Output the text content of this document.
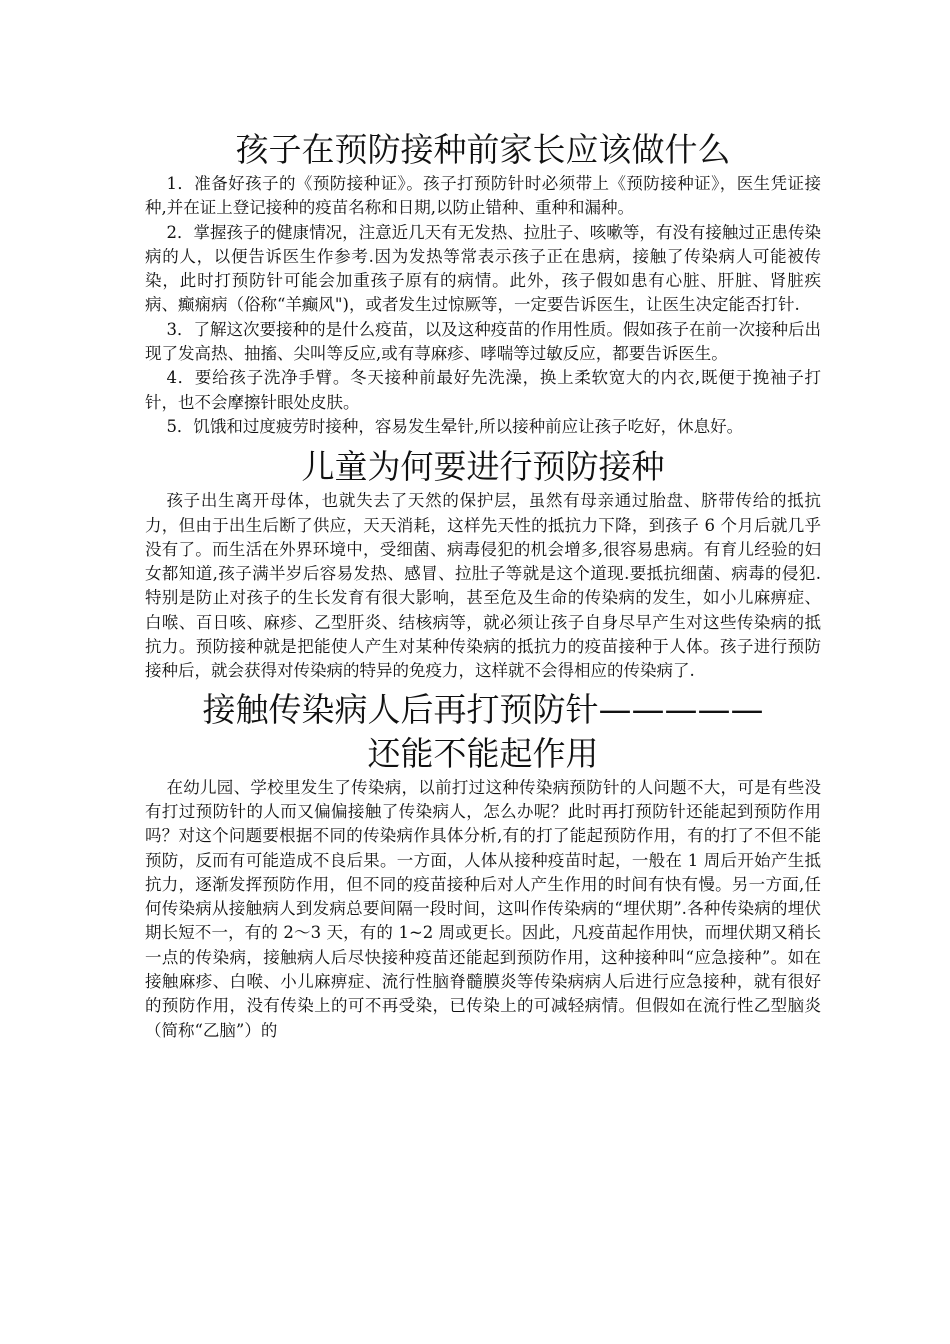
孩子在预防接种前家长应该做什么

1．准备好孩子的《预防接种证》。孩子打预防针时必须带上《预防接种证》，医生凭证接种,并在证上登记接种的疫苗名称和日期,以防止错种、重种和漏种。

2．掌握孩子的健康情况，注意近几天有无发热、拉肚子、咳嗽等，有没有接触过正患传染病的人，以便告诉医生作参考.因为发热等常表示孩子正在患病，接触了传染病人可能被传染，此时打预防针可能会加重孩子原有的病情。此外，孩子假如患有心脏、肝脏、肾脏疾病、癫痫病（俗称“羊癫风")，或者发生过惊厥等，一定要告诉医生，让医生决定能否打针.

3．了解这次要接种的是什么疫苗，以及这种疫苗的作用性质。假如孩子在前一次接种后出现了发高热、抽搐、尖叫等反应,或有荨麻疹、哮喘等过敏反应，都要告诉医生。

4．要给孩子洗净手臂。冬天接种前最好先洗澡，换上柔软宽大的内衣,既便于挽袖子打针，也不会摩擦针眼处皮肤。

5．饥饿和过度疲劳时接种，容易发生晕针,所以接种前应让孩子吃好，休息好。

儿童为何要进行预防接种

孩子出生离开母体，也就失去了天然的保护层，虽然有母亲通过胎盘、脐带传给的抵抗力，但由于出生后断了供应，天天消耗，这样先天性的抵抗力下降，到孩子 6 个月后就几乎没有了。而生活在外界环境中，受细菌、病毒侵犯的机会增多,很容易患病。有育儿经验的妇女都知道,孩子满半岁后容易发热、感冒、拉肚子等就是这个道现.要抵抗细菌、病毒的侵犯. 特别是防止对孩子的生长发育有很大影响，甚至危及生命的传染病的发生，如小儿麻痹症、白喉、百日咳、麻疹、乙型肝炎、结核病等，就必须让孩子自身尽早产生对这些传染病的抵抗力。预防接种就是把能使人产生对某种传染病的抵抗力的疫苗接种于人体。孩子进行预防接种后，就会获得对传染病的特异的免疫力，这样就不会得相应的传染病了.

接触传染病人后再打预防针—————
还能不能起作用

在幼儿园、学校里发生了传染病，以前打过这种传染病预防针的人问题不大，可是有些没有打过预防针的人而又偏偏接触了传染病人，怎么办呢？此时再打预防针还能起到预防作用吗？对这个问题要根据不同的传染病作具体分析,有的打了能起预防作用，有的打了不但不能预防，反而有可能造成不良后果。一方面，人体从接种疫苗时起，一般在 1 周后开始产生抵抗力，逐渐发挥预防作用，但不同的疫苗接种后对人产生作用的时间有快有慢。另一方面,任何传染病从接触病人到发病总要间隔一段时间，这叫作传染病的“埋伏期”.各种传染病的埋伏期长短不一，有的 2～3 天，有的 1~2 周或更长。因此，凡疫苗起作用快，而埋伏期又稍长一点的传染病，接触病人后尽快接种疫苗还能起到预防作用，这种接种叫“应急接种”。如在接触麻疹、白喉、小儿麻痹症、流行性脑脊髓膜炎等传染病病人后进行应急接种，就有很好的预防作用，没有传染上的可不再受染，已传染上的可减轻病情。但假如在流行性乙型脑炎（简称“乙脑”）的
